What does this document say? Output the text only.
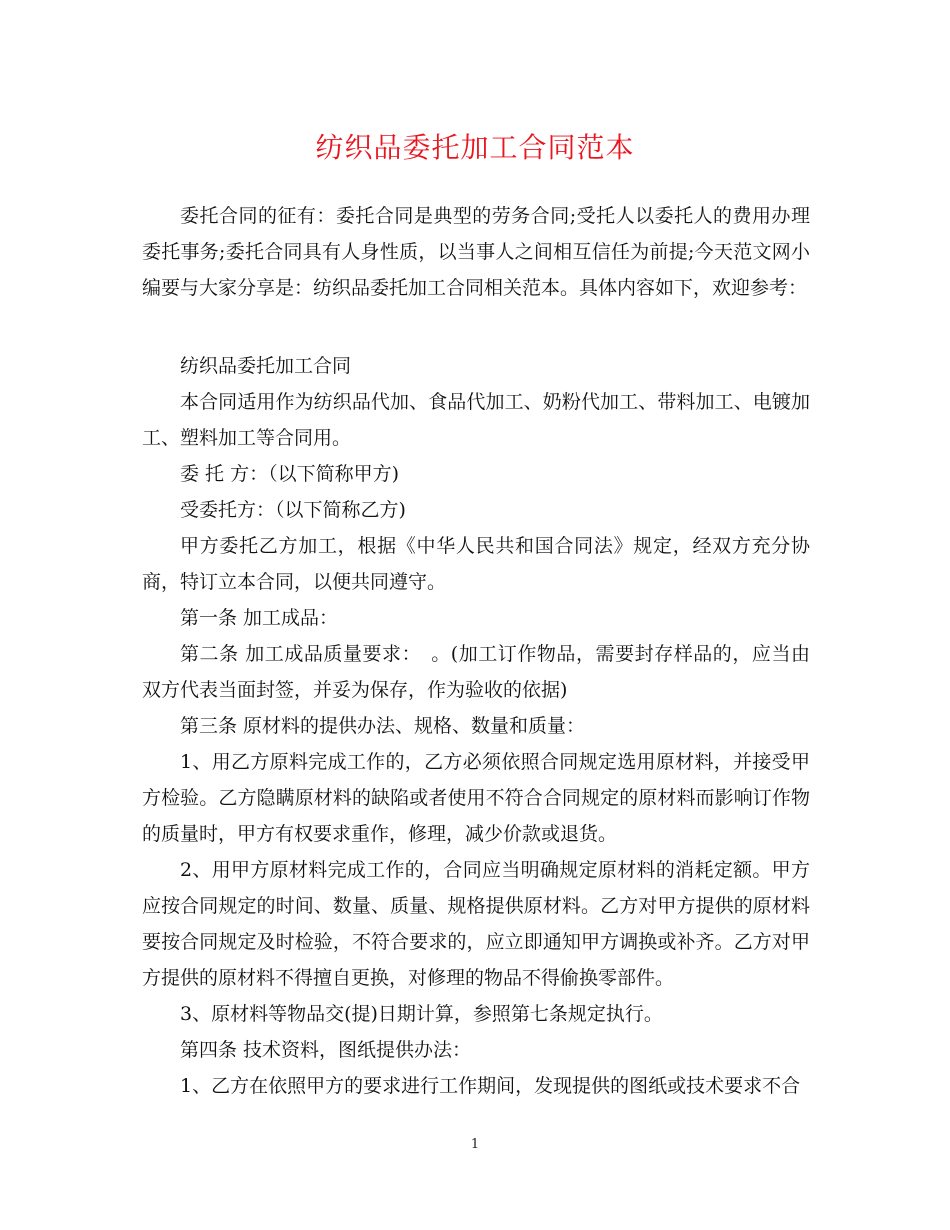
纺织品委托加工合同范本

委托合同的征有：委托合同是典型的劳务合同;受托人以委托人的费用办理委托事务;委托合同具有人身性质，以当事人之间相互信任为前提;今天范文网小编要与大家分享是：纺织品委托加工合同相关范本。具体内容如下，欢迎参考：

纺织品委托加工合同

本合同适用作为纺织品代加、食品代加工、奶粉代加工、带料加工、电镀加工、塑料加工等合同用。

委 托 方：（以下简称甲方)

受委托方：（以下简称乙方)

甲方委托乙方加工，根据《中华人民共和国合同法》规定，经双方充分协商，特订立本合同，以便共同遵守。

第一条 加工成品：

第二条 加工成品质量要求：　。(加工订作物品，需要封存样品的，应当由双方代表当面封签，并妥为保存，作为验收的依据)

第三条 原材料的提供办法、规格、数量和质量：

1、用乙方原料完成工作的，乙方必须依照合同规定选用原材料，并接受甲方检验。乙方隐瞒原材料的缺陷或者使用不符合合同规定的原材料而影响订作物的质量时，甲方有权要求重作，修理，减少价款或退货。

2、用甲方原材料完成工作的，合同应当明确规定原材料的消耗定额。甲方应按合同规定的时间、数量、质量、规格提供原材料。乙方对甲方提供的原材料要按合同规定及时检验，不符合要求的，应立即通知甲方调换或补齐。乙方对甲方提供的原材料不得擅自更换，对修理的物品不得偷换零部件。

3、原材料等物品交(提)日期计算，参照第七条规定执行。

第四条 技术资料，图纸提供办法：

1、乙方在依照甲方的要求进行工作期间，发现提供的图纸或技术要求不合

1
